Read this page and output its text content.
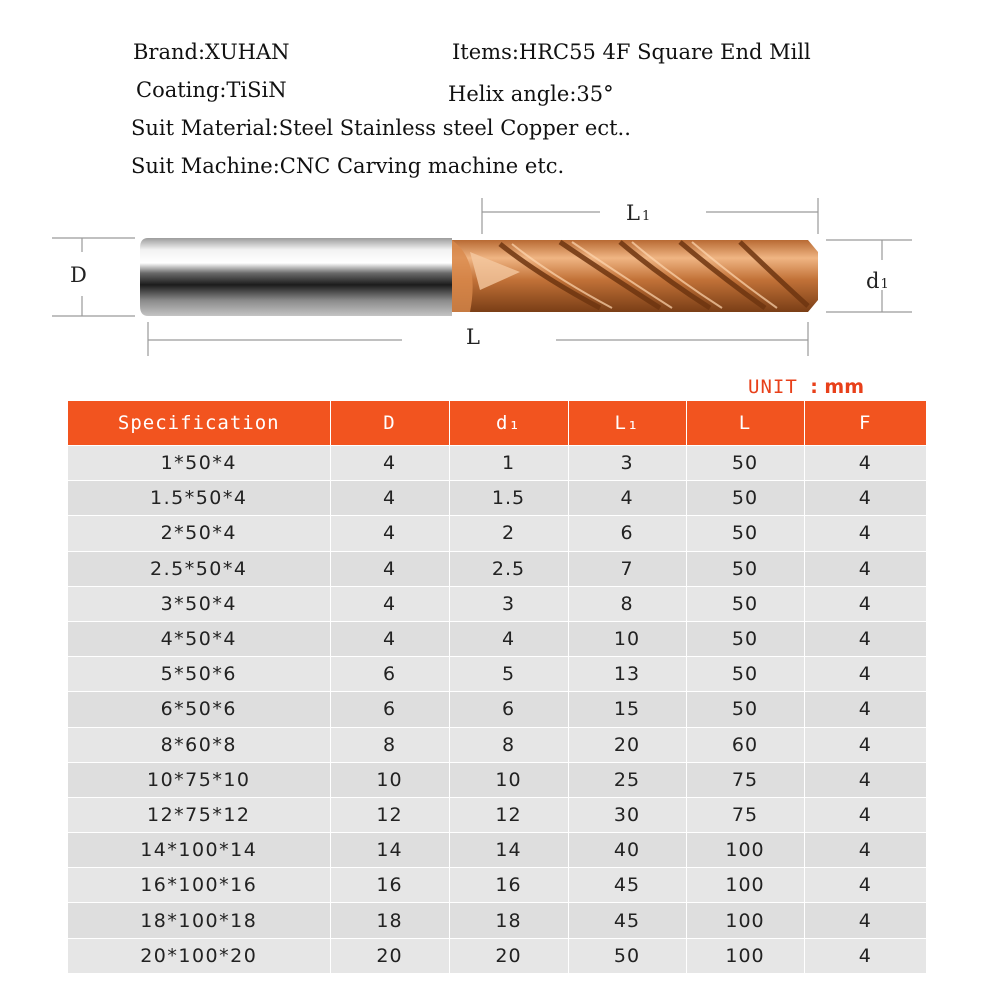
Brand:XUHAN	Items:HRC55 4F Square End Mill
Coating:TiSiN	Helix angle:35°
Suit Material:Steel Stainless steel Copper ect..
Suit Machine:CNC Carving machine etc.
L 1
D	d1
L
UNIT : mm
Specification	D	d₁	L₁	L	F
1*50*4	4	1	3	50	4
1.5*50*4	4	1.5	4	50	4
2*50*4	4	2	6	50	4
2.5*50*4	4	2.5	7	50	4
3*50*4	4	3	8	50	4
4*50*4	4	4	10	50	4
5*50*6	6	5	13	50	4
6*50*6	6	6	15	50	4
8*60*8	8	8	20	60	4
10*75*10	10	10	25	75	4
12*75*12	12	12	30	75	4
14*100*14	14	14	40	100	4
16*100*16	16	16	45	100	4
18*100*18	18	18	45	100	4
20*100*20	20	20	50	100	4
